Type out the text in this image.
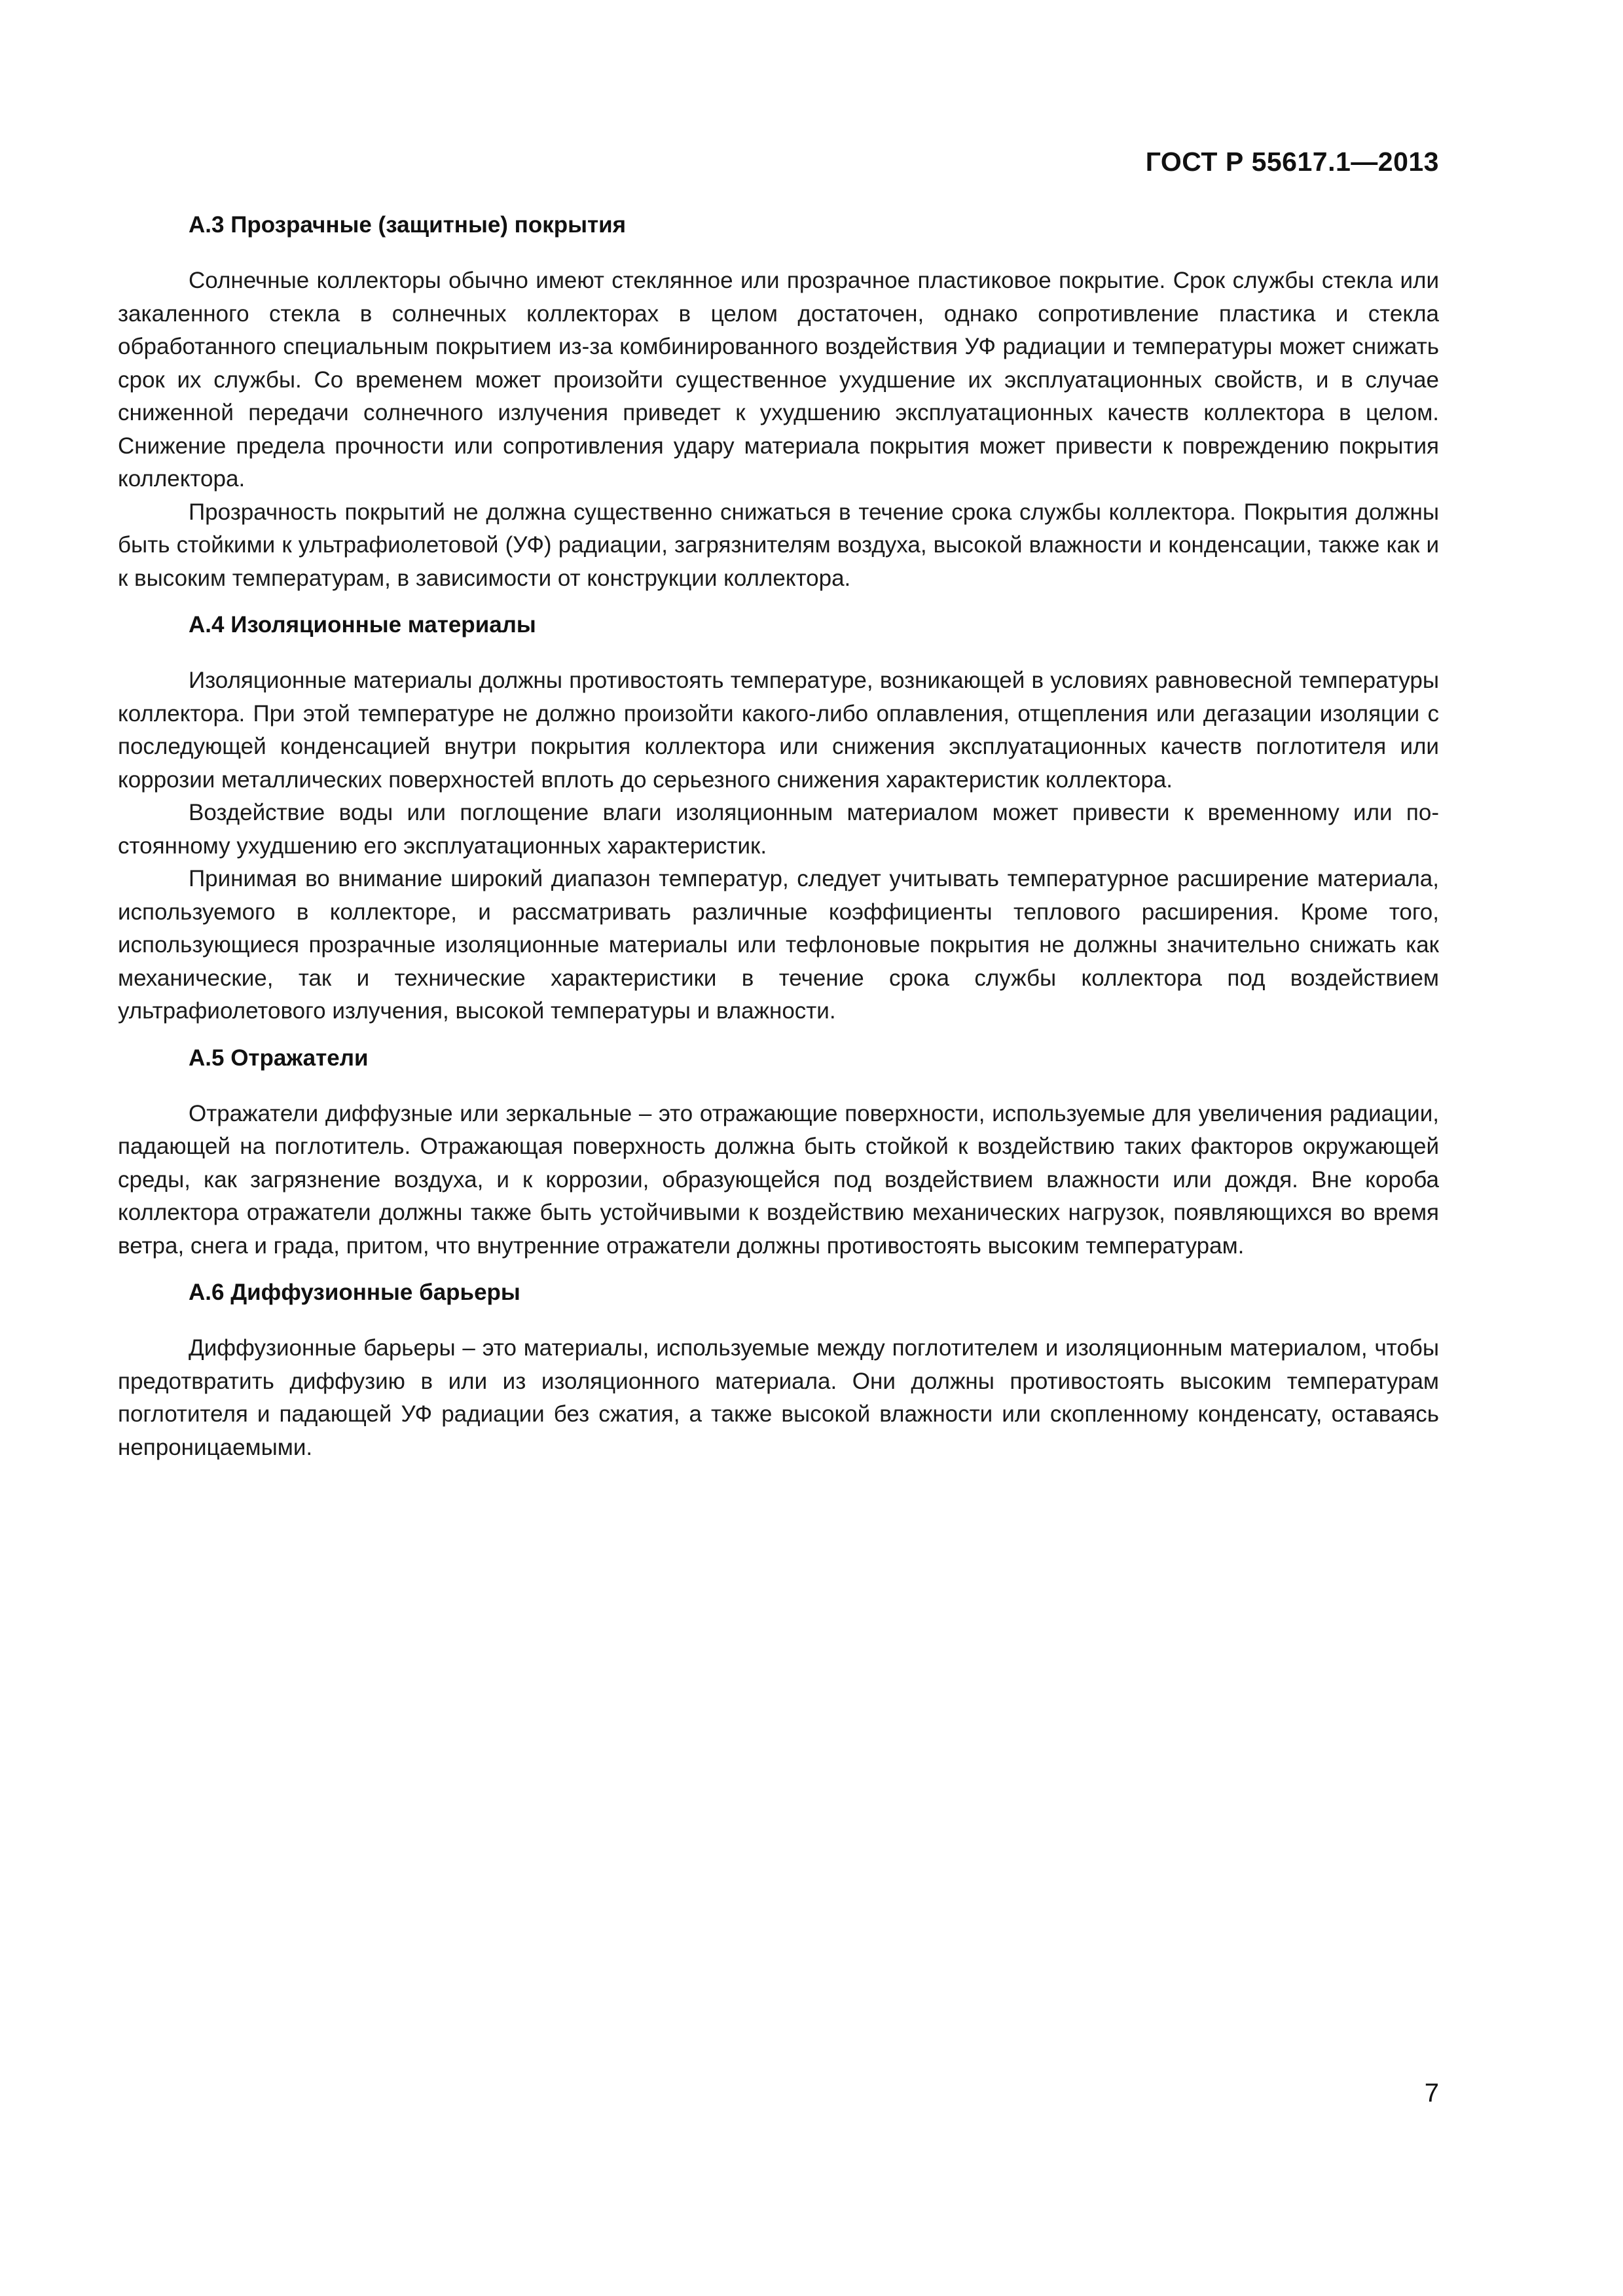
ГОСТ Р 55617.1—2013
А.3 Прозрачные (защитные) покрытия

Солнечные коллекторы обычно имеют стеклянное или прозрачное пластиковое покрытие. Срок службы стекла или закаленного стекла в солнечных коллекторах в целом достаточен, однако сопротивление пластика и стекла обработанного специальным покрытием из-за комбинированного воздействия УФ радиации и температуры может снижать срок их службы. Со временем может произойти существенное ухудшение их эксплуатационных свойств, и в случае сниженной передачи солнечного излучения приведет к ухудшению эксплуатационных качеств коллектора в целом. Снижение предела прочности или сопротивления удару материала покрытия может привести к повреждению покрытия коллектора.

Прозрачность покрытий не должна существенно снижаться в течение срока службы коллектора. Покрытия должны быть стойкими к ультрафиолетовой (УФ) радиации, загрязнителям воздуха, высокой влажности и конденсации, также как и к высоким температурам, в зависимости от конструкции коллектора.

А.4 Изоляционные материалы

Изоляционные материалы должны противостоять температуре, возникающей в условиях равновесной температуры коллектора. При этой температуре не должно произойти какого-либо оплавления, отщепления или дегазации изоляции с последующей конденсацией внутри покрытия коллектора или снижения эксплуатационных качеств поглотителя или коррозии металлических поверхностей вплоть до серьезного снижения характеристик коллектора.

Воздействие воды или поглощение влаги изоляционным материалом может привести к временному или постоянному ухудшению его эксплуатационных характеристик.

Принимая во внимание широкий диапазон температур, следует учитывать температурное расширение материала, используемого в коллекторе, и рассматривать различные коэффициенты теплового расширения. Кроме того, использующиеся прозрачные изоляционные материалы или тефлоновые покрытия не должны значительно снижать как механические, так и технические характеристики в течение срока службы коллектора под воздействием ультрафиолетового излучения, высокой температуры и влажности.

А.5 Отражатели

Отражатели диффузные или зеркальные – это отражающие поверхности, используемые для увеличения радиации, падающей на поглотитель. Отражающая поверхность должна быть стойкой к воздействию таких факторов окружающей среды, как загрязнение воздуха, и к коррозии, образующейся под воздействием влажности или дождя. Вне короба коллектора отражатели должны также быть устойчивыми к воздействию механических нагрузок, появляющихся во время ветра, снега и града, притом, что внутренние отражатели должны противостоять высоким температурам.

А.6 Диффузионные барьеры

Диффузионные барьеры – это материалы, используемые между поглотителем и изоляционным материалом, чтобы предотвратить диффузию в или из изоляционного материала. Они должны противостоять высоким температурам поглотителя и падающей УФ радиации без сжатия, а также высокой влажности или скопленному конденсату, оставаясь непроницаемыми.

7
